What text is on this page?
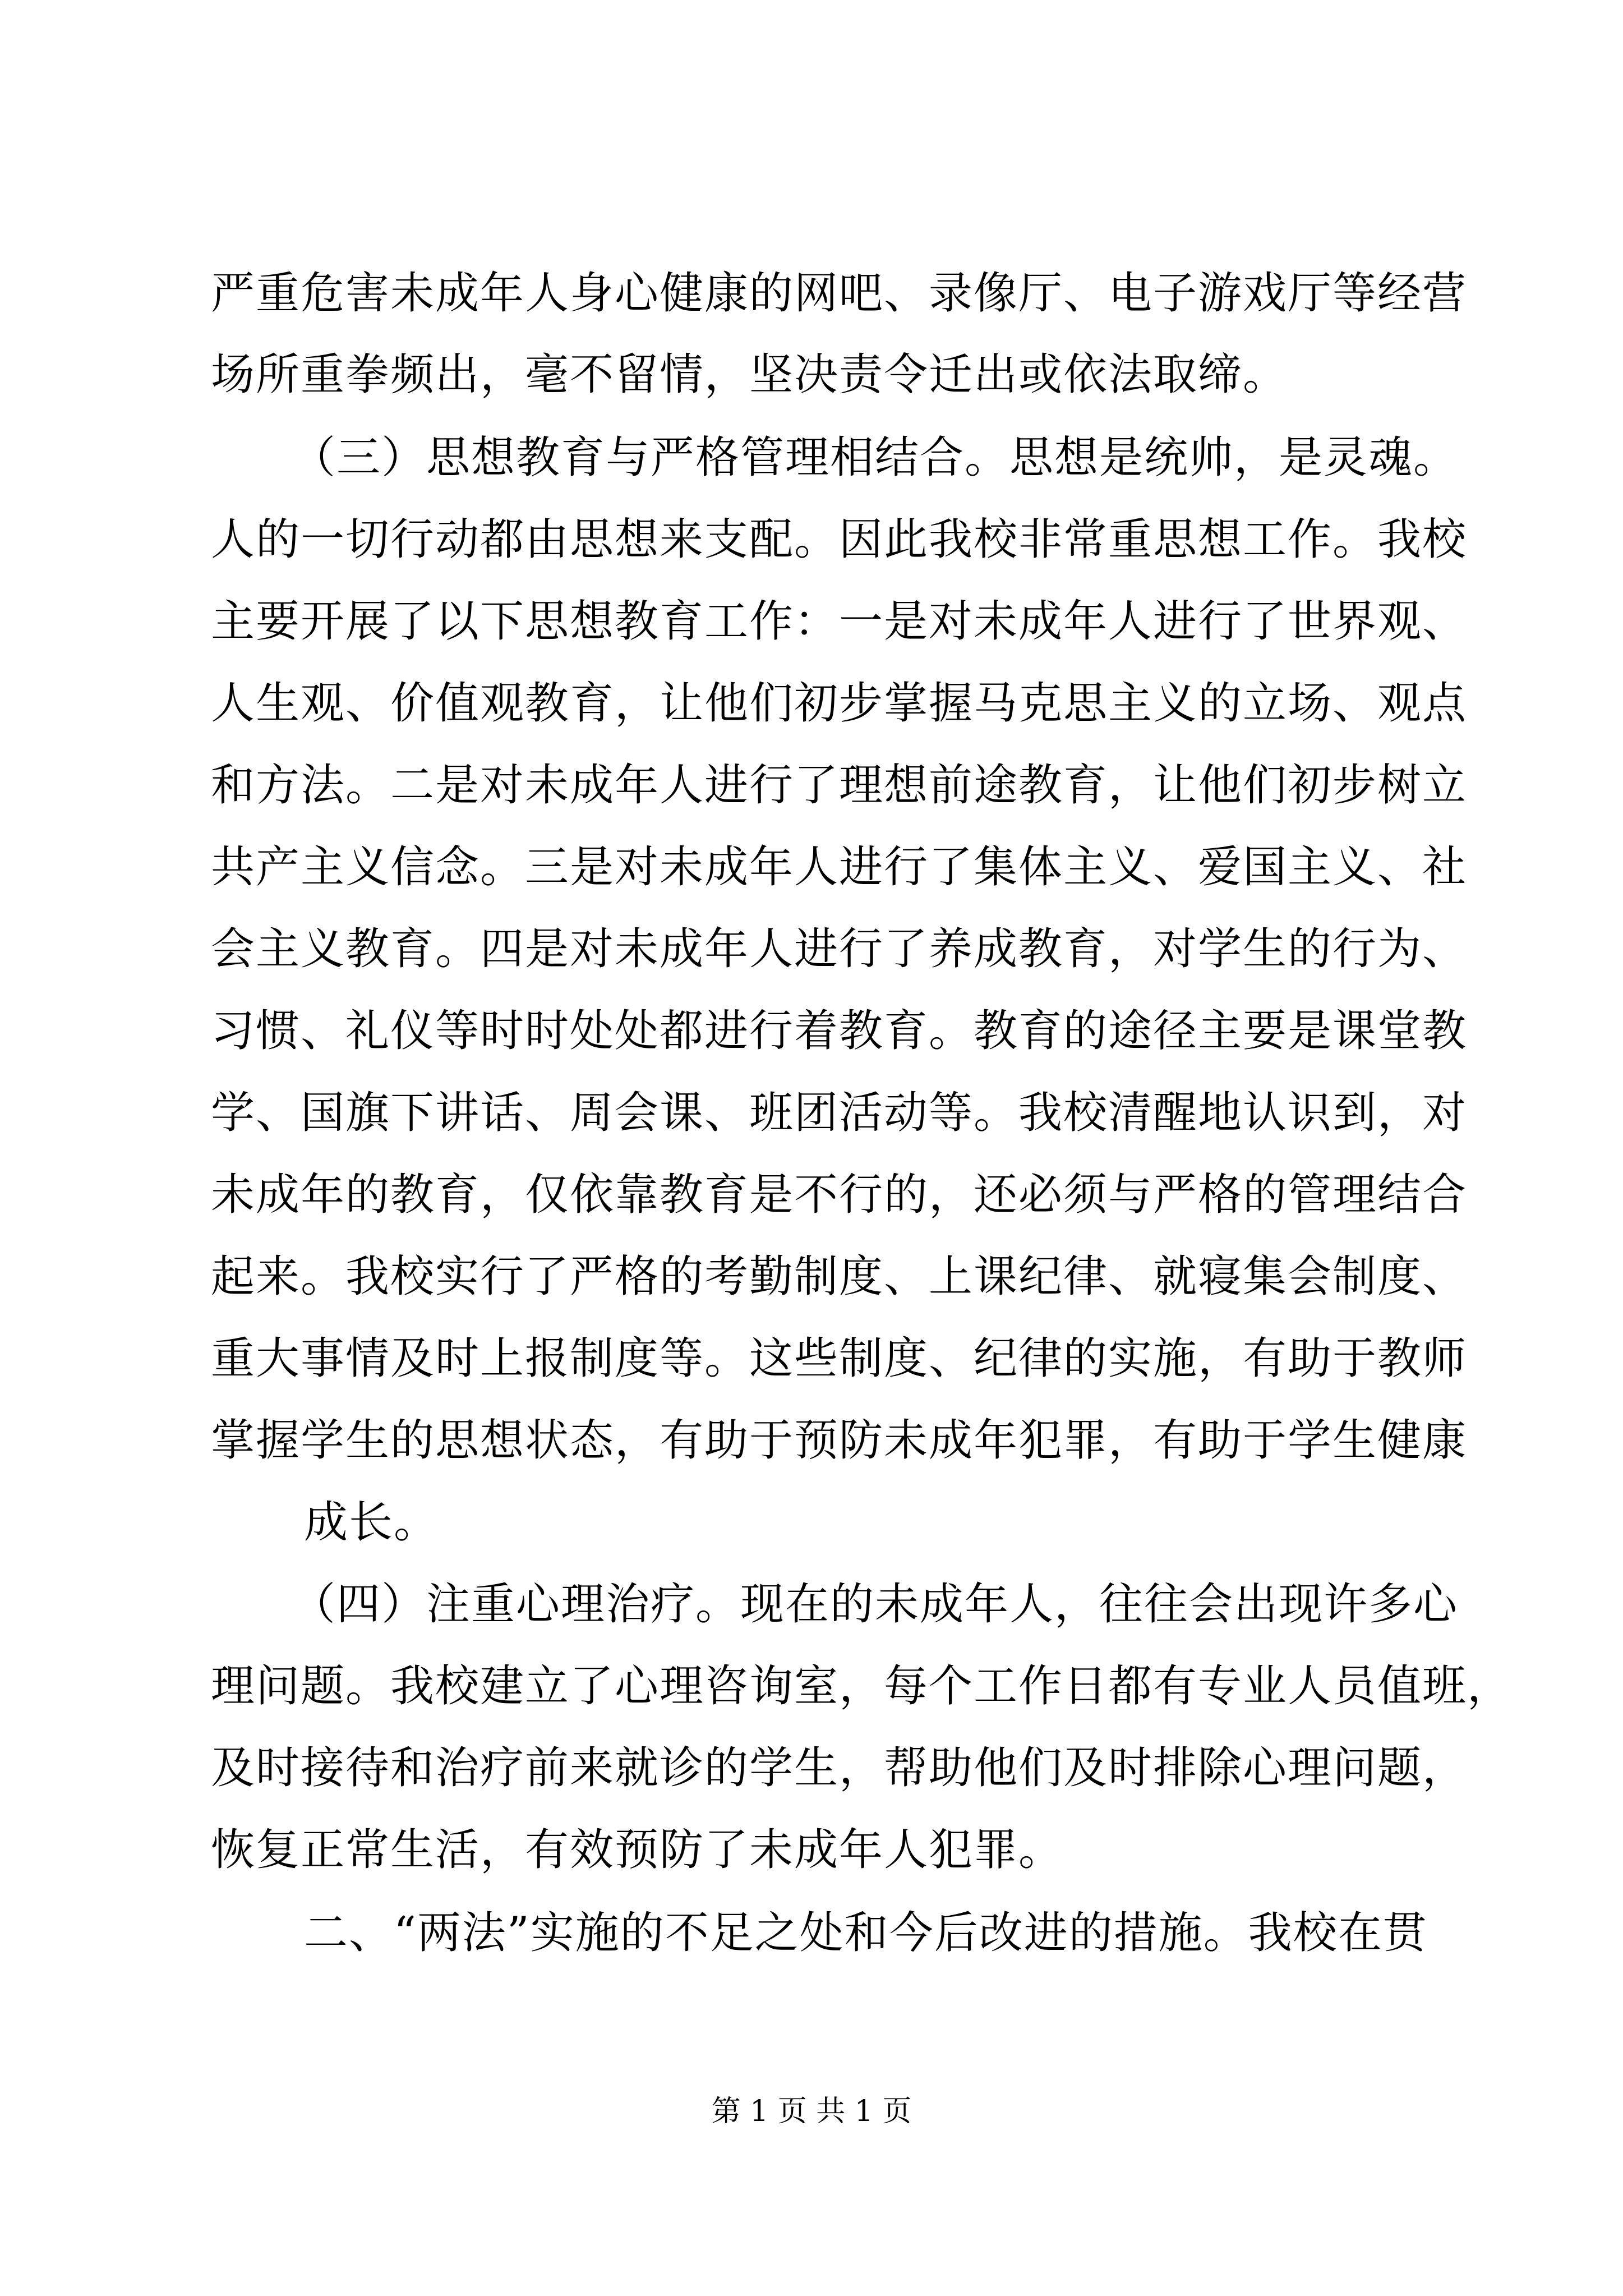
严重危害未成年人身心健康的网吧、录像厅、电子游戏厅等经营
场所重拳频出，毫不留情，坚决责令迁出或依法取缔。
（三）思想教育与严格管理相结合。思想是统帅，是灵魂。
人的一切行动都由思想来支配。因此我校非常重思想工作。我校
主要开展了以下思想教育工作：一是对未成年人进行了世界观、
人生观、价值观教育，让他们初步掌握马克思主义的立场、观点
和方法。二是对未成年人进行了理想前途教育，让他们初步树立
共产主义信念。三是对未成年人进行了集体主义、爱国主义、社
会主义教育。四是对未成年人进行了养成教育，对学生的行为、
习惯、礼仪等时时处处都进行着教育。教育的途径主要是课堂教
学、国旗下讲话、周会课、班团活动等。我校清醒地认识到，对
未成年的教育，仅依靠教育是不行的，还必须与严格的管理结合
起来。我校实行了严格的考勤制度、上课纪律、就寝集会制度、
重大事情及时上报制度等。这些制度、纪律的实施，有助于教师
掌握学生的思想状态，有助于预防未成年犯罪，有助于学生健康
成长。
（四）注重心理治疗。现在的未成年人，往往会出现许多心
理问题。我校建立了心理咨询室，每个工作日都有专业人员值班，
及时接待和治疗前来就诊的学生，帮助他们及时排除心理问题，
恢复正常生活，有效预防了未成年人犯罪。
二、“两法”实施的不足之处和今后改进的措施。我校在贯
第 1 页 共 1 页
